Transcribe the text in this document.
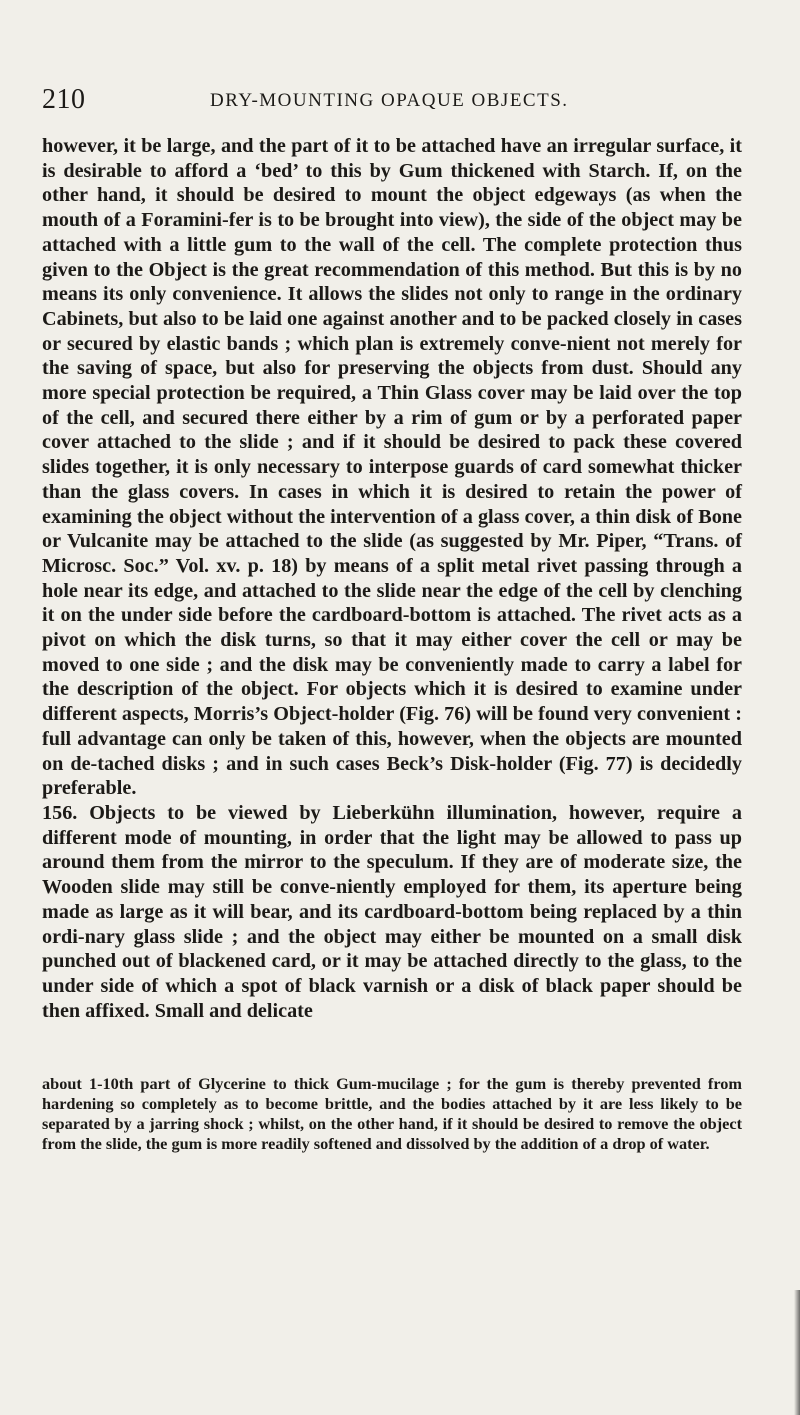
210	DRY-MOUNTING OPAQUE OBJECTS.

however, it be large, and the part of it to be attached have an irregular surface, it is desirable to afford a ‘bed’ to this by Gum thickened with Starch. If, on the other hand, it should be desired to mount the object edgeways (as when the mouth of a Foramini-fer is to be brought into view), the side of the object may be attached with a little gum to the wall of the cell. The complete protection thus given to the Object is the great recommendation of this method. But this is by no means its only convenience. It allows the slides not only to range in the ordinary Cabinets, but also to be laid one against another and to be packed closely in cases or secured by elastic bands ; which plan is extremely conve-nient not merely for the saving of space, but also for preserving the objects from dust. Should any more special protection be required, a Thin Glass cover may be laid over the top of the cell, and secured there either by a rim of gum or by a perforated paper cover attached to the slide ; and if it should be desired to pack these covered slides together, it is only necessary to interpose guards of card somewhat thicker than the glass covers. In cases in which it is desired to retain the power of examining the object without the intervention of a glass cover, a thin disk of Bone or Vulcanite may be attached to the slide (as suggested by Mr. Piper, “Trans. of Microsc. Soc.” Vol. xv. p. 18) by means of a split metal rivet passing through a hole near its edge, and attached to the slide near the edge of the cell by clenching it on the under side before the cardboard-bottom is attached. The rivet acts as a pivot on which the disk turns, so that it may either cover the cell or may be moved to one side ; and the disk may be conveniently made to carry a label for the description of the object. For objects which it is desired to examine under different aspects, Morris’s Object-holder (Fig. 76) will be found very convenient : full advantage can only be taken of this, however, when the objects are mounted on de-tached disks ; and in such cases Beck’s Disk-holder (Fig. 77) is decidedly preferable.

156. Objects to be viewed by Lieberkühn illumination, however, require a different mode of mounting, in order that the light may be allowed to pass up around them from the mirror to the speculum. If they are of moderate size, the Wooden slide may still be conve-niently employed for them, its aperture being made as large as it will bear, and its cardboard-bottom being replaced by a thin ordi-nary glass slide ; and the object may either be mounted on a small disk punched out of blackened card, or it may be attached directly to the glass, to the under side of which a spot of black varnish or a disk of black paper should be then affixed. Small and delicate

about 1-10th part of Glycerine to thick Gum-mucilage ; for the gum is thereby prevented from hardening so completely as to become brittle, and the bodies attached by it are less likely to be separated by a jarring shock ; whilst, on the other hand, if it should be desired to remove the object from the slide, the gum is more readily softened and dissolved by the addition of a drop of water.
